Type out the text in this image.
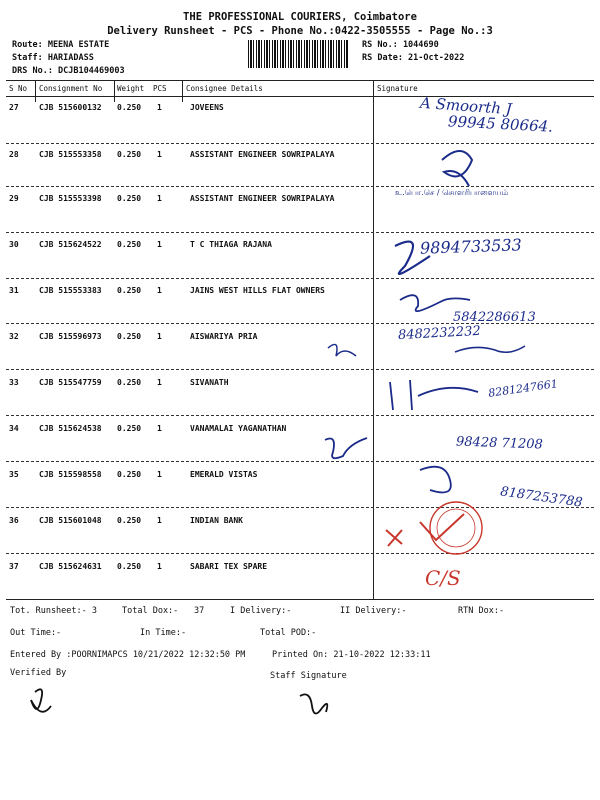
THE PROFESSIONAL COURIERS, Coimbatore
Delivery Runsheet - PCS - Phone No.:0422-3505555 - Page No.:3
Route: MEENA ESTATE
Staff: HARIADASS
DRS No.: DCJB104469003
RS No.: 1044690
RS Date: 21-Oct-2022
S No Consignment No Weight PCS	Consignee Details	Signature
27	CJB 515600132 0.250 1	JOVEENS
28	CJB 515553358 0.250 1	ASSISTANT ENGINEER SOWRIPALAYA
29	CJB 515553398 0.250 1	ASSISTANT ENGINEER SOWRIPALAYA
30	CJB 515624522 0.250 1	T C THIAGA RAJANA
31	CJB 515553383 0.250 1	JAINS WEST HILLS FLAT OWNERS
32	CJB 515596973 0.250 1	AISWARIYA PRIA
33	CJB 515547759 0.250 1	SIVANATH
34	CJB 515624538 0.250 1	VANAMALAI YAGANATHAN
35	CJB 515598558 0.250 1	EMERALD VISTAS
36	CJB 515601048 0.250 1	INDIAN BANK
37	CJB 515624631 0.250 1	SABARI TEX SPARE
A Smoorth J
99945 80664.
உ.பொ.செ / சொளரிபாளையம்
9894733533
5842286613
8482232232
8281247661
98428 71208
8187253788
C/S
Tot. Runsheet:- 3	Total Dox:- 37	I Delivery:-	II Delivery:-	RTN Dox:-
Out Time:-	In Time:-	Total POD:-
Entered By :POORNIMAPCS 10/21/2022 12:32:50 PM	Printed On: 21-10-2022 12:33:11
Verified By	Staff Signature
